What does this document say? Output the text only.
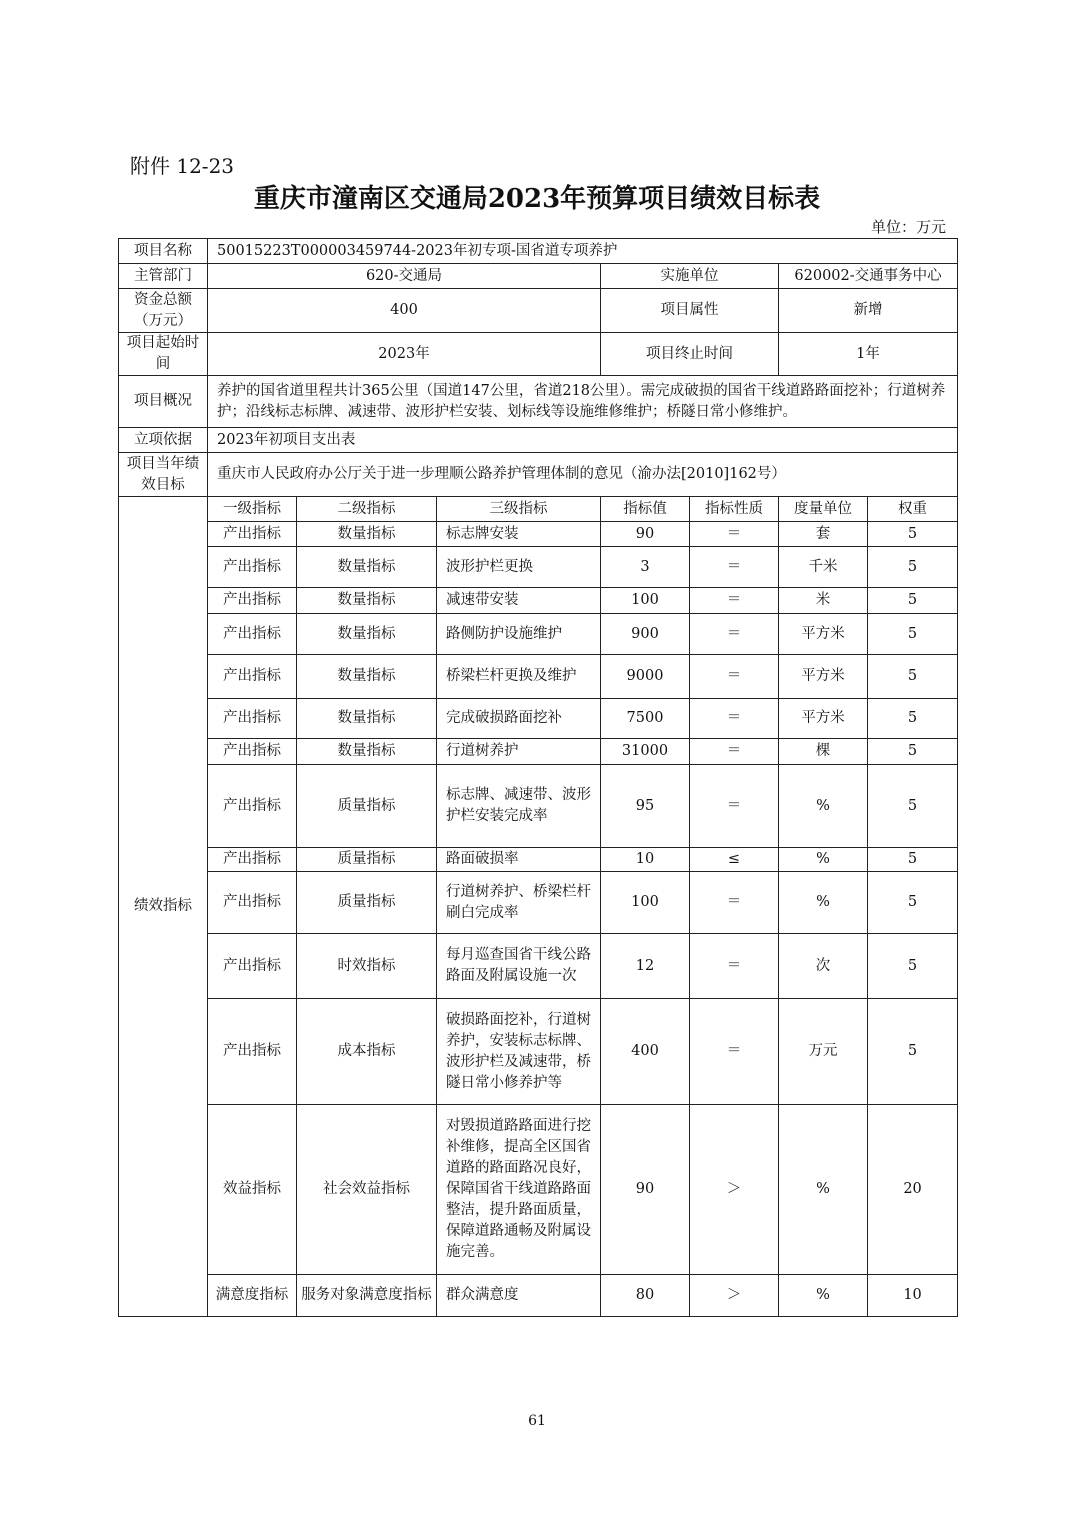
附件 12-23
重庆市潼南区交通局2023年预算项目绩效目标表
单位：万元
项目名称	50015223T000003459744-2023年初专项-国省道专项养护						
主管部门	620-交通局			实施单位		620002-交通事务中心	
资金总额（万元）	400			项目属性		新增	
项目起始时间	2023年			项目终止时间		1年	
项目概况	养护的国省道里程共计365公里（国道147公里，省道218公里）。需完成破损的国省干线道路路面挖补；行道树养护；沿线标志标牌、减速带、波形护栏安装、划标线等设施维修维护；桥隧日常小修维护。						
立项依据	2023年初项目支出表						
项目当年绩效目标	重庆市人民政府办公厅关于进一步理顺公路养护管理体制的意见（渝办法[2010]162号）						
绩效指标	一级指标	二级指标	三级指标	指标值	指标性质	度量单位	权重
	产出指标	数量指标	标志牌安装	90	＝	套	5
	产出指标	数量指标	波形护栏更换	3	＝	千米	5
	产出指标	数量指标	减速带安装	100	＝	米	5
	产出指标	数量指标	路侧防护设施维护	900	＝	平方米	5
	产出指标	数量指标	桥梁栏杆更换及维护	9000	＝	平方米	5
	产出指标	数量指标	完成破损路面挖补	7500	＝	平方米	5
	产出指标	数量指标	行道树养护	31000	＝	棵	5
	产出指标	质量指标	标志牌、减速带、波形护栏安装完成率	95	＝	%	5
	产出指标	质量指标	路面破损率	10	≤	%	5
	产出指标	质量指标	行道树养护、桥梁栏杆刷白完成率	100	＝	%	5
	产出指标	时效指标	每月巡查国省干线公路路面及附属设施一次	12	＝	次	5
	产出指标	成本指标	破损路面挖补，行道树养护，安装标志标牌、波形护栏及减速带，桥隧日常小修养护等	400	＝	万元	5
	效益指标	社会效益指标	对毁损道路路面进行挖补维修，提高全区国省道路的路面路况良好，保障国省干线道路路面整洁，提升路面质量，保障道路通畅及附属设施完善。	90	＞	%	20
	满意度指标	服务对象满意度指标	群众满意度	80	＞	%	10
61
